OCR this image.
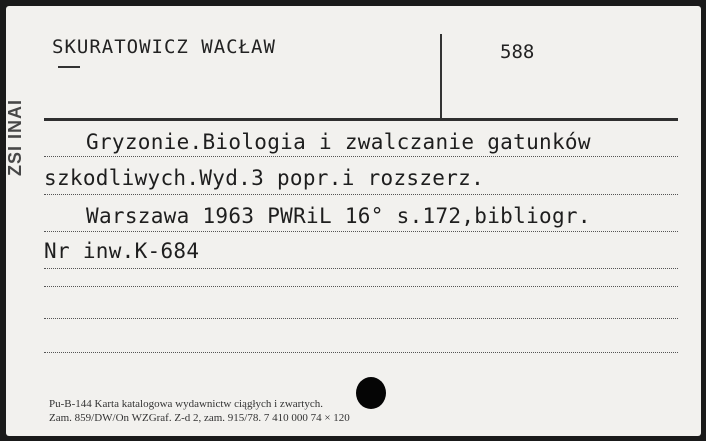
ZSI INAI
SKURATOWICZ WACŁAW	588
Gryzonie.Biologia i zwalczanie gatunków
szkodliwych.Wyd.3 popr.i rozszerz.
Warszawa 1963 PWRiL 16° s.172,bibliogr.
Nr inw.K-684
Pu-B-144 Karta katalogowa wydawnictw ciągłych i zwartych.
Zam. 859/DW/On WZGraf. Z-d 2, zam. 915/78. 7 410 000 74 × 120
